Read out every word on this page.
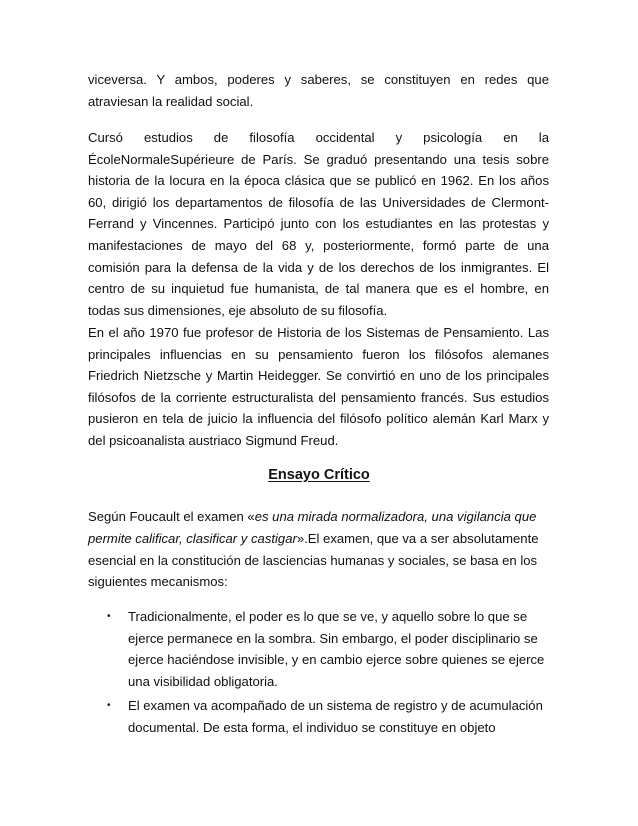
viceversa. Y ambos, poderes y saberes, se constituyen en redes que atraviesan la realidad social.

Cursó estudios de filosofía occidental y psicología en la ÉcoleNormaleSupérieure de París. Se graduó presentando una tesis sobre historia de la locura en la época clásica que se publicó en 1962. En los años 60, dirigió los departamentos de filosofía de las Universidades de Clermont-Ferrand y Vincennes. Participó junto con los estudiantes en las protestas y manifestaciones de mayo del 68 y, posteriormente, formó parte de una comisión para la defensa de la vida y de los derechos de los inmigrantes. El centro de su inquietud fue humanista, de tal manera que es el hombre, en todas sus dimensiones, eje absoluto de su filosofía.

En el año 1970 fue profesor de Historia de los Sistemas de Pensamiento. Las principales influencias en su pensamiento fueron los filósofos alemanes Friedrich Nietzsche y Martin Heidegger. Se convirtió en uno de los principales filósofos de la corriente estructuralista del pensamiento francés. Sus estudios pusieron en tela de juicio la influencia del filósofo político alemán Karl Marx y del psicoanalista austriaco Sigmund Freud.

Ensayo Crítico

Según Foucault el examen «es una mirada normalizadora, una vigilancia que permite calificar, clasificar y castigar».El examen, que va a ser absolutamente esencial en la constitución de lasciencias humanas y sociales, se basa en los siguientes mecanismos:

• Tradicionalmente, el poder es lo que se ve, y aquello sobre lo que se ejerce permanece en la sombra. Sin embargo, el poder disciplinario se ejerce haciéndose invisible, y en cambio ejerce sobre quienes se ejerce una visibilidad obligatoria.
• El examen va acompañado de un sistema de registro y de acumulación documental. De esta forma, el individuo se constituye en objeto
